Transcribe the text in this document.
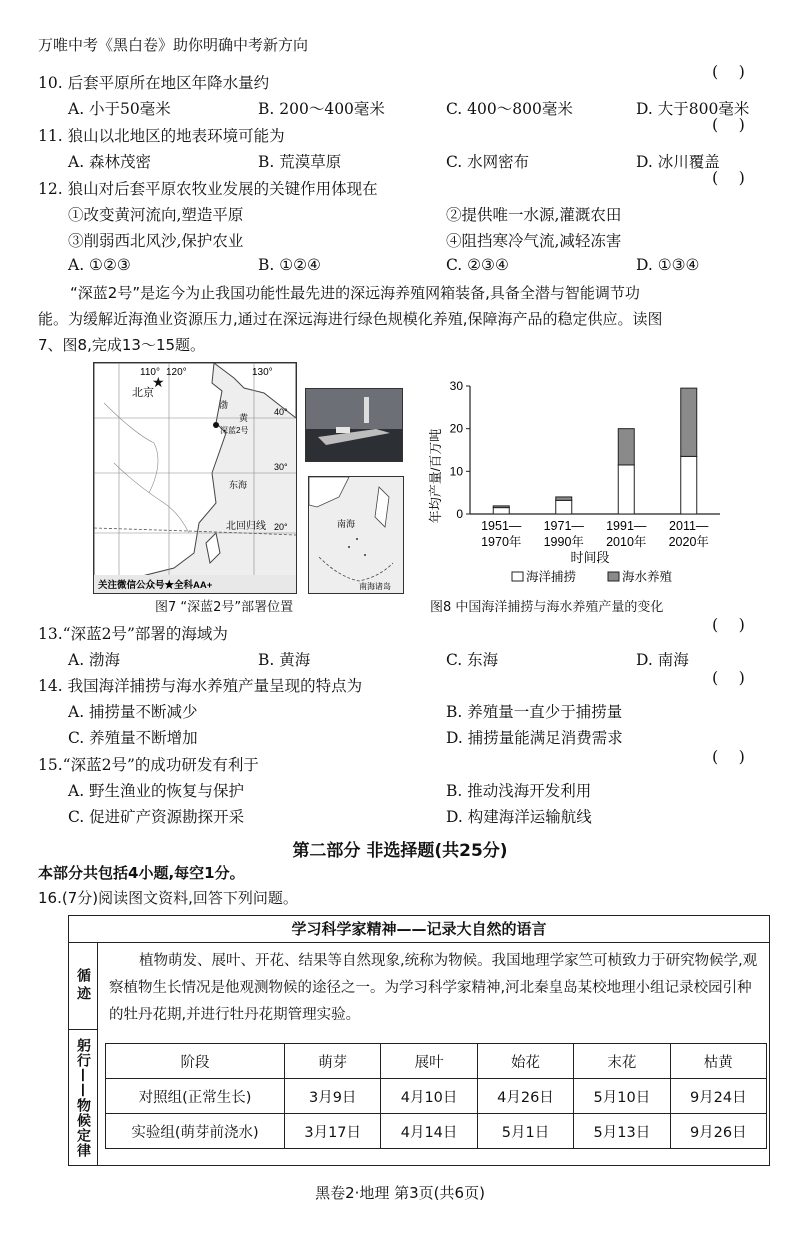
万唯中考《黑白卷》助你明确中考新方向
10. 后套平原所在地区年降水量约
(    )
A. 小于50毫米	B. 200～400毫米	C. 400～800毫米	D. 大于800毫米
11. 狼山以北地区的地表环境可能为
(    )
A. 森林茂密	B. 荒漠草原	C. 水网密布	D. 冰川覆盖
12. 狼山对后套平原农牧业发展的关键作用体现在
(    )
①改变黄河流向,塑造平原	②提供唯一水源,灌溉农田
③削弱西北风沙,保护农业	④阻挡寒冷气流,减轻冻害
A. ①②③	B. ①②④	C. ②③④	D. ①③④
“深蓝2号”是迄今为止我国功能性最先进的深远海养殖网箱装备,具备全潜与智能调节功
能。为缓解近海渔业资源压力,通过在深远海进行绿色规模化养殖,保障海产品的稳定供应。读图
7、图8,完成13～15题。
★
110° 120°	130°
北京
渤
深蓝2号
40°
30°
20°
黄
东海
北回归线
关注微信公众号★全科AA+
南海
南海诸岛
图7 “深蓝2号”部署位置
年均产量/百万吨 0
10
20
30
1951—
1970年
1971—
1990年
1991—
2010年
2011—
2020年
时间段
海洋捕捞	海水养殖
图8 中国海洋捕捞与海水养殖产量的变化
13.“深蓝2号”部署的海域为	(    )
A. 渤海	B. 黄海	C. 东海	D. 南海
14. 我国海洋捕捞与海水养殖产量呈现的特点为	(    )
A. 捕捞量不断减少	B. 养殖量一直少于捕捞量
C. 养殖量不断增加	D. 捕捞量能满足消费需求
15.“深蓝2号”的成功研发有利于	(    )
A. 野生渔业的恢复与保护	B. 推动浅海开发利用
C. 促进矿产资源勘探开采	D. 构建海洋运输航线
第二部分 非选择题(共25分)
本部分共包括4小题,每空1分。
16.(7分)阅读图文资料,回答下列问题。
学习科学家精神——记录大自然的语言
循迹
躬行——物候定律
植物萌发、展叶、开花、结果等自然现象,统称为物候。我国地理学家竺可桢致力于研究物候学,观察植物生长情况是他观测物候的途径之一。为学习科学家精神,河北秦皇岛某校地理小组记录校园引种的牡丹花期,并进行牡丹花期管理实验。
阶段	萌芽	展叶	始花	末花	枯黄
对照组(正常生长)	3月9日	4月10日	4月26日	5月10日	9月24日
实验组(萌芽前浇水)	3月17日	4月14日	5月1日	5月13日	9月26日
黑卷2·地理 第3页(共6页)
